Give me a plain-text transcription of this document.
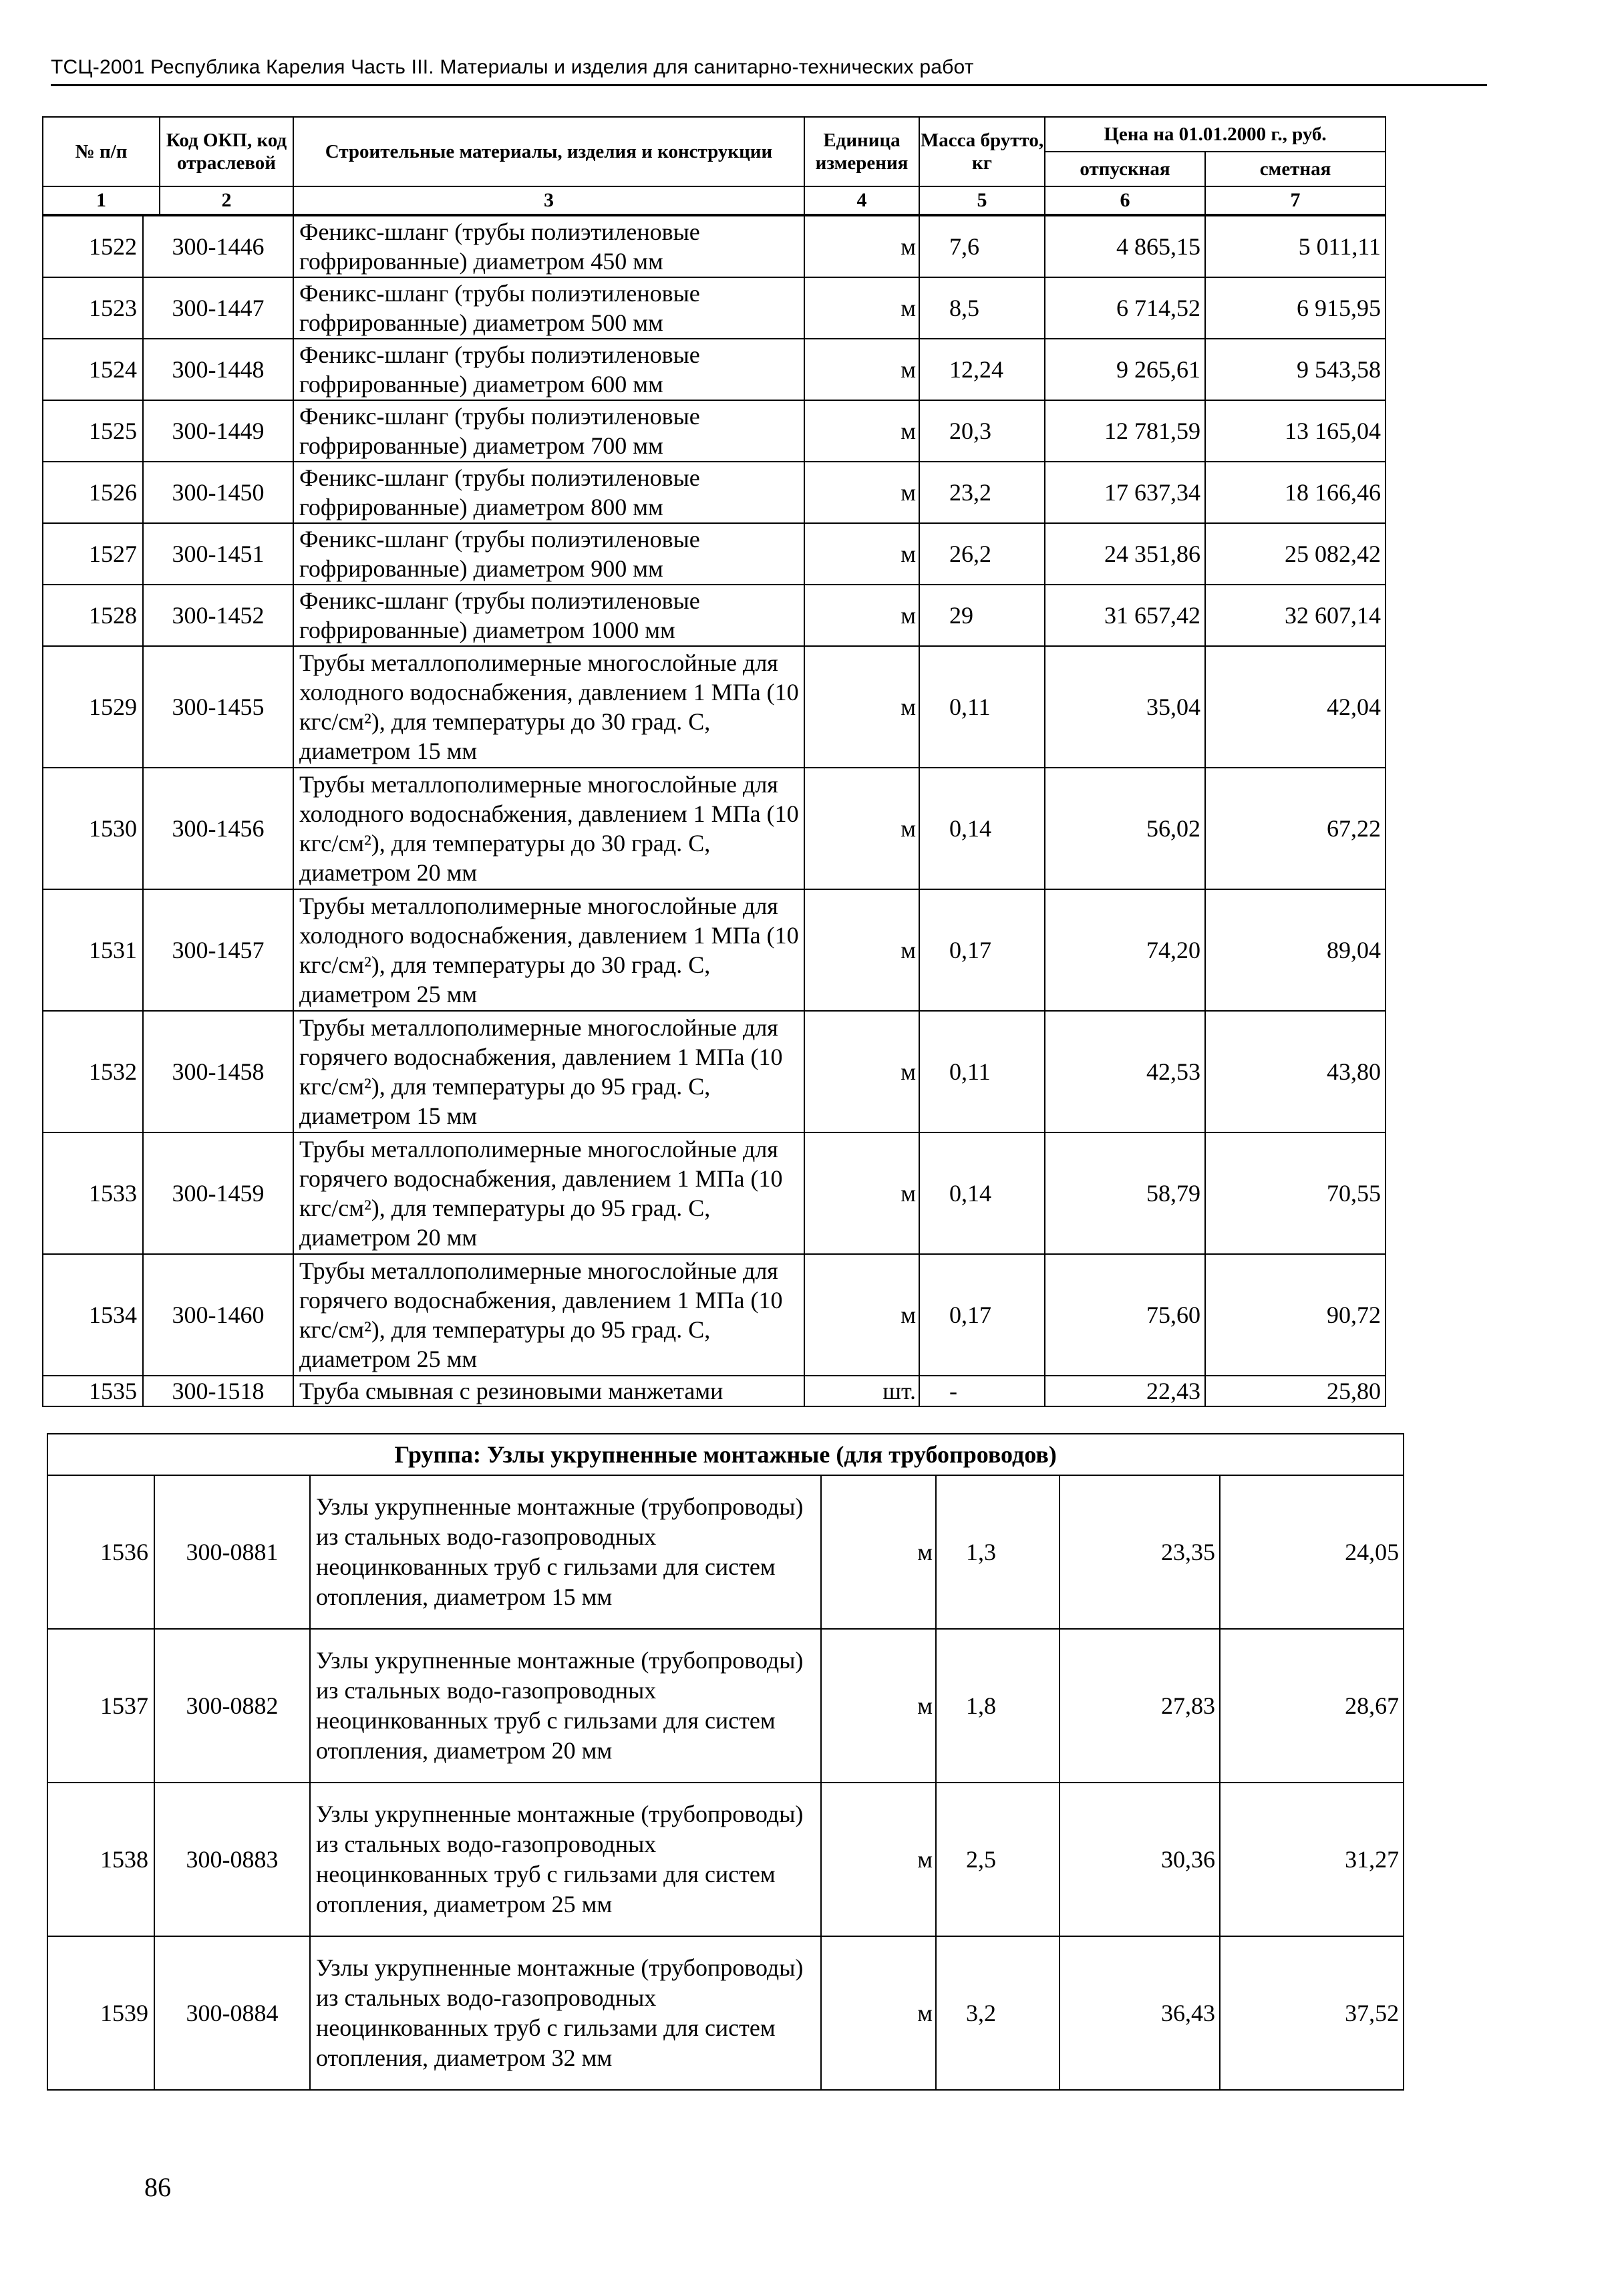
ТСЦ-2001 Республика Карелия Часть III. Материалы и изделия для санитарно-технических работ
№ п/п	Код ОКП, код отраслевой	Строительные материалы, изделия и конструкции	Единица измерения	Масса брутто, кг	Цена на 01.01.2000 г., руб.	
					отпускная	сметная
1	2	3	4	5	6	7
1522	300-1446	Феникс-шланг (трубы полиэтиленовые гофрированные) диаметром 450 мм	м	7,6	4 865,15	5 011,11
1523	300-1447	Феникс-шланг (трубы полиэтиленовые гофрированные) диаметром 500 мм	м	8,5	6 714,52	6 915,95
1524	300-1448	Феникс-шланг (трубы полиэтиленовые гофрированные) диаметром 600 мм	м	12,24	9 265,61	9 543,58
1525	300-1449	Феникс-шланг (трубы полиэтиленовые гофрированные) диаметром 700 мм	м	20,3	12 781,59	13 165,04
1526	300-1450	Феникс-шланг (трубы полиэтиленовые гофрированные) диаметром 800 мм	м	23,2	17 637,34	18 166,46
1527	300-1451	Феникс-шланг (трубы полиэтиленовые гофрированные) диаметром 900 мм	м	26,2	24 351,86	25 082,42
1528	300-1452	Феникс-шланг (трубы полиэтиленовые гофрированные) диаметром 1000 мм	м	29	31 657,42	32 607,14
1529	300-1455	Трубы металлополимерные многослойные для холодного водоснабжения, давлением 1 МПа (10 кгс/см²), для температуры до 30 град. С, диаметром 15 мм	м	0,11	35,04	42,04
1530	300-1456	Трубы металлополимерные многослойные для холодного водоснабжения, давлением 1 МПа (10 кгс/см²), для температуры до 30 град. С, диаметром 20 мм	м	0,14	56,02	67,22
1531	300-1457	Трубы металлополимерные многослойные для холодного водоснабжения, давлением 1 МПа (10 кгс/см²), для температуры до 30 град. С, диаметром 25 мм	м	0,17	74,20	89,04
1532	300-1458	Трубы металлополимерные многослойные для горячего водоснабжения, давлением 1 МПа (10 кгс/см²), для температуры до 95 град. С, диаметром 15 мм	м	0,11	42,53	43,80
1533	300-1459	Трубы металлополимерные многослойные для горячего водоснабжения, давлением 1 МПа (10 кгс/см²), для температуры до 95 град. С, диаметром 20 мм	м	0,14	58,79	70,55
1534	300-1460	Трубы металлополимерные многослойные для горячего водоснабжения, давлением 1 МПа (10 кгс/см²), для температуры до 95 град. С, диаметром 25 мм	м	0,17	75,60	90,72
1535	300-1518	Труба смывная с резиновыми манжетами	шт.	-	22,43	25,80
Группа: Узлы укрупненные монтажные (для трубопроводов)						
1536	300-0881	Узлы укрупненные монтажные (трубопроводы) из стальных водо-газопроводных неоцинкованных труб с гильзами для систем отопления, диаметром 15 мм	м	1,3	23,35	24,05
1537	300-0882	Узлы укрупненные монтажные (трубопроводы) из стальных водо-газопроводных неоцинкованных труб с гильзами для систем отопления, диаметром 20 мм	м	1,8	27,83	28,67
1538	300-0883	Узлы укрупненные монтажные (трубопроводы) из стальных водо-газопроводных неоцинкованных труб с гильзами для систем отопления, диаметром 25 мм	м	2,5	30,36	31,27
1539	300-0884	Узлы укрупненные монтажные (трубопроводы) из стальных водо-газопроводных неоцинкованных труб с гильзами для систем отопления, диаметром 32 мм	м	3,2	36,43	37,52
86
